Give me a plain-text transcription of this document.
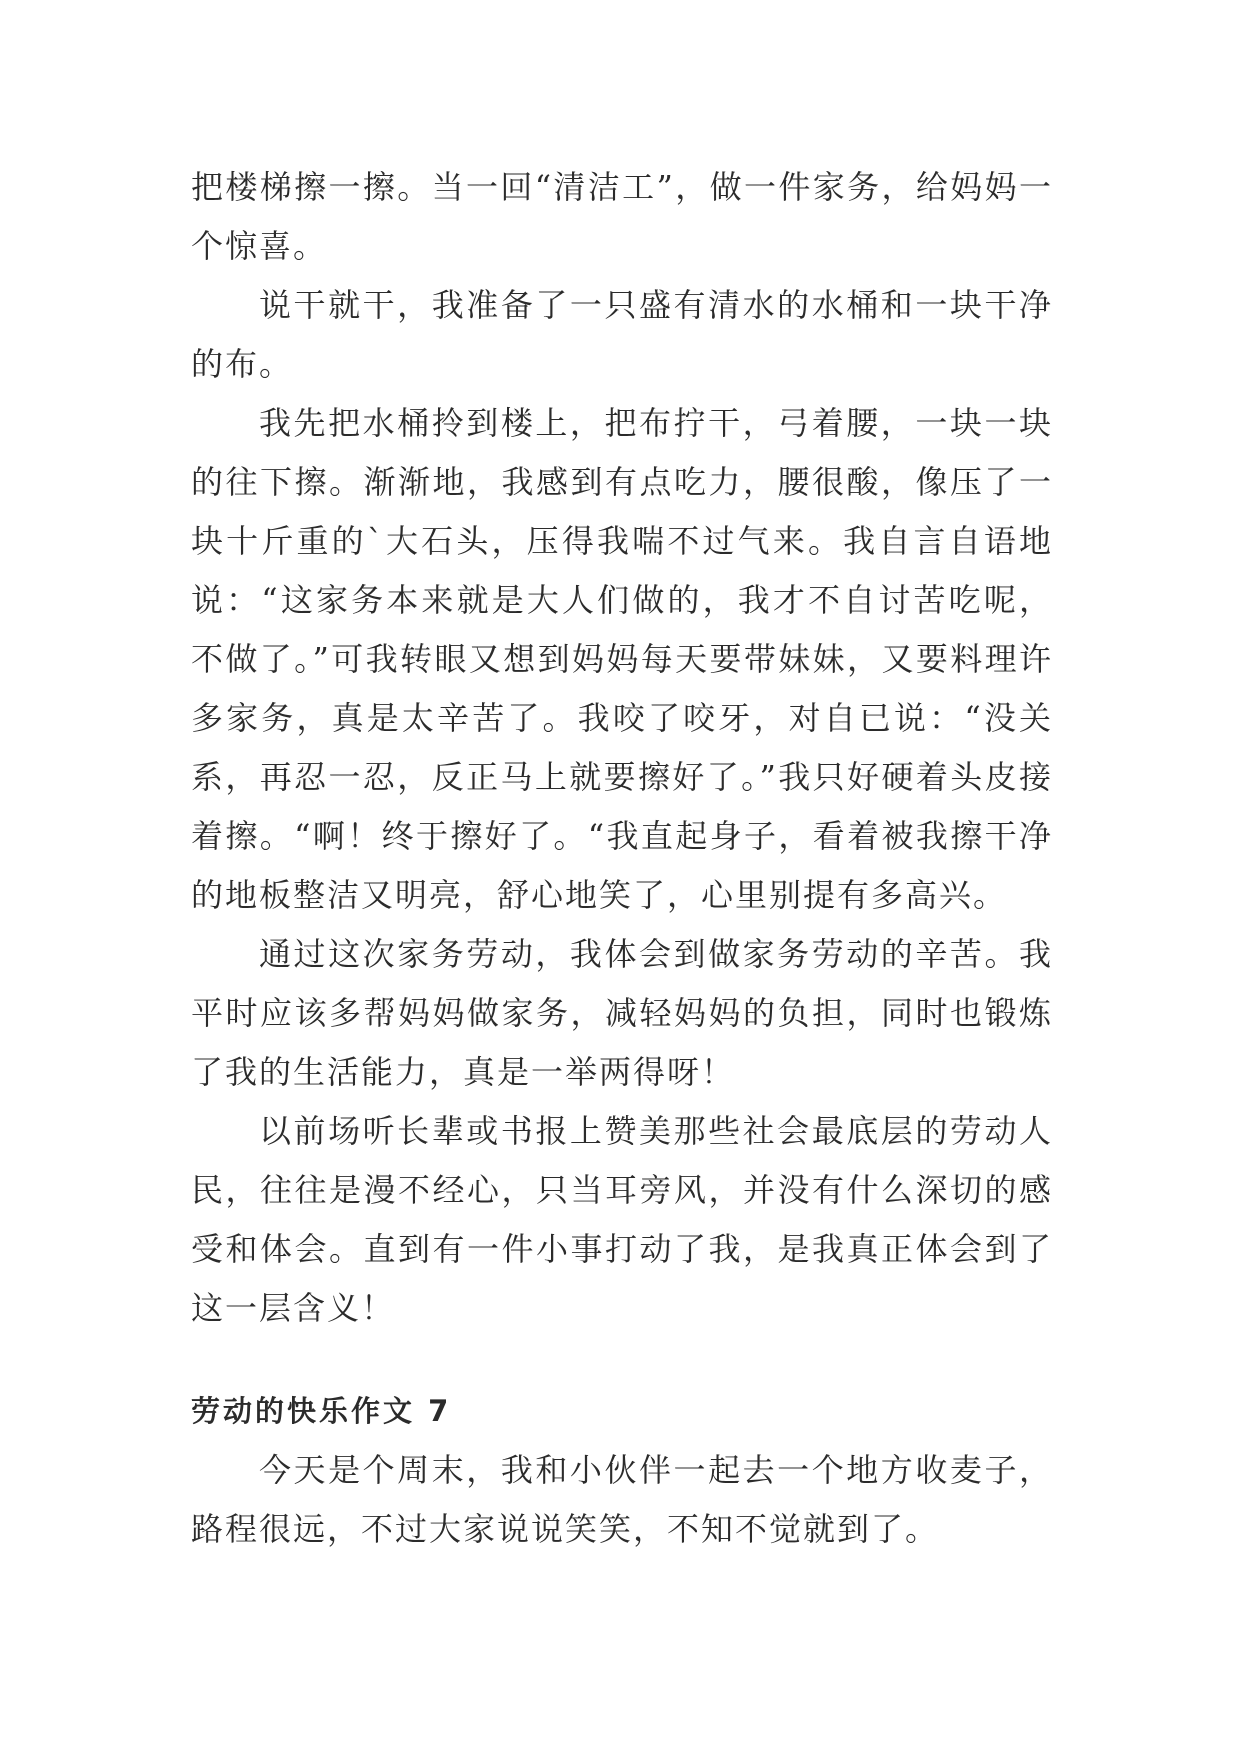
把楼梯擦一擦。当一回“清洁工”，做一件家务，给妈妈一个惊喜。

说干就干，我准备了一只盛有清水的水桶和一块干净的布。

我先把水桶拎到楼上，把布拧干，弓着腰，一块一块的往下擦。渐渐地，我感到有点吃力，腰很酸，像压了一块十斤重的`大石头，压得我喘不过气来。我自言自语地说：“这家务本来就是大人们做的，我才不自讨苦吃呢，不做了。”可我转眼又想到妈妈每天要带妹妹，又要料理许多家务，真是太辛苦了。我咬了咬牙，对自已说：“没关系，再忍一忍，反正马上就要擦好了。”我只好硬着头皮接着擦。“啊！终于擦好了。“我直起身子，看着被我擦干净的地板整洁又明亮，舒心地笑了，心里别提有多高兴。

通过这次家务劳动，我体会到做家务劳动的辛苦。我平时应该多帮妈妈做家务，减轻妈妈的负担，同时也锻炼了我的生活能力，真是一举两得呀！

以前场听长辈或书报上赞美那些社会最底层的劳动人民，往往是漫不经心，只当耳旁风，并没有什么深切的感受和体会。直到有一件小事打动了我，是我真正体会到了这一层含义！

劳动的快乐作文 7

今天是个周末，我和小伙伴一起去一个地方收麦子，路程很远，不过大家说说笑笑，不知不觉就到了。
